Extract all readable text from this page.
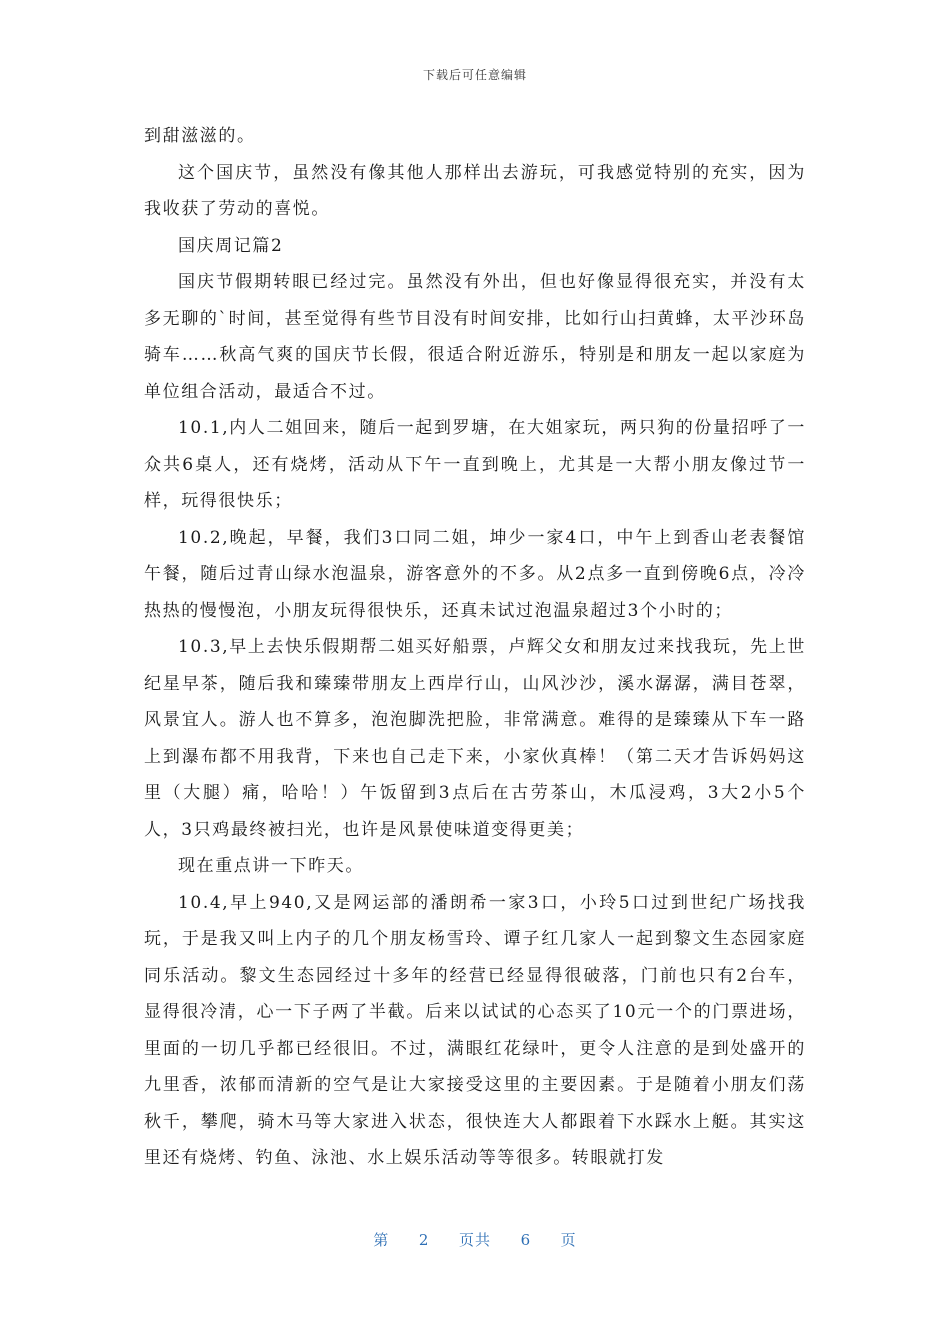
下载后可任意编辑

到甜滋滋的。

这个国庆节，虽然没有像其他人那样出去游玩，可我感觉特别的充实，因为我收获了劳动的喜悦。

国庆周记篇2

国庆节假期转眼已经过完。虽然没有外出，但也好像显得很充实，并没有太多无聊的`时间，甚至觉得有些节目没有时间安排，比如行山扫黄蜂，太平沙环岛骑车……秋高气爽的国庆节长假，很适合附近游乐，特别是和朋友一起以家庭为单位组合活动，最适合不过。

10.1,内人二姐回来，随后一起到罗塘，在大姐家玩，两只狗的份量招呼了一众共6桌人，还有烧烤，活动从下午一直到晚上，尤其是一大帮小朋友像过节一样，玩得很快乐；

10.2,晚起，早餐，我们3口同二姐，坤少一家4口，中午上到香山老表餐馆午餐，随后过青山绿水泡温泉，游客意外的不多。从2点多一直到傍晚6点，冷冷热热的慢慢泡，小朋友玩得很快乐，还真未试过泡温泉超过3个小时的；

10.3,早上去快乐假期帮二姐买好船票，卢辉父女和朋友过来找我玩，先上世纪星早茶，随后我和臻臻带朋友上西岸行山，山风沙沙，溪水潺潺，满目苍翠，风景宜人。游人也不算多，泡泡脚洗把脸，非常满意。难得的是臻臻从下车一路上到瀑布都不用我背，下来也自己走下来，小家伙真棒！（第二天才告诉妈妈这里（大腿）痛，哈哈！）午饭留到3点后在古劳茶山，木瓜浸鸡，3大2小5个人，3只鸡最终被扫光，也许是风景使味道变得更美；

现在重点讲一下昨天。

10.4,早上940,又是网运部的潘朗希一家3口，小玲5口过到世纪广场找我玩，于是我又叫上内子的几个朋友杨雪玲、谭子红几家人一起到黎文生态园家庭同乐活动。黎文生态园经过十多年的经营已经显得很破落，门前也只有2台车，显得很冷清，心一下子两了半截。后来以试试的心态买了10元一个的门票进场，里面的一切几乎都已经很旧。不过，满眼红花绿叶，更令人注意的是到处盛开的九里香，浓郁而清新的空气是让大家接受这里的主要因素。于是随着小朋友们荡秋千，攀爬，骑木马等大家进入状态，很快连大人都跟着下水踩水上艇。其实这里还有烧烤、钓鱼、泳池、水上娱乐活动等等很多。转眼就打发

第 2 页共 6 页
